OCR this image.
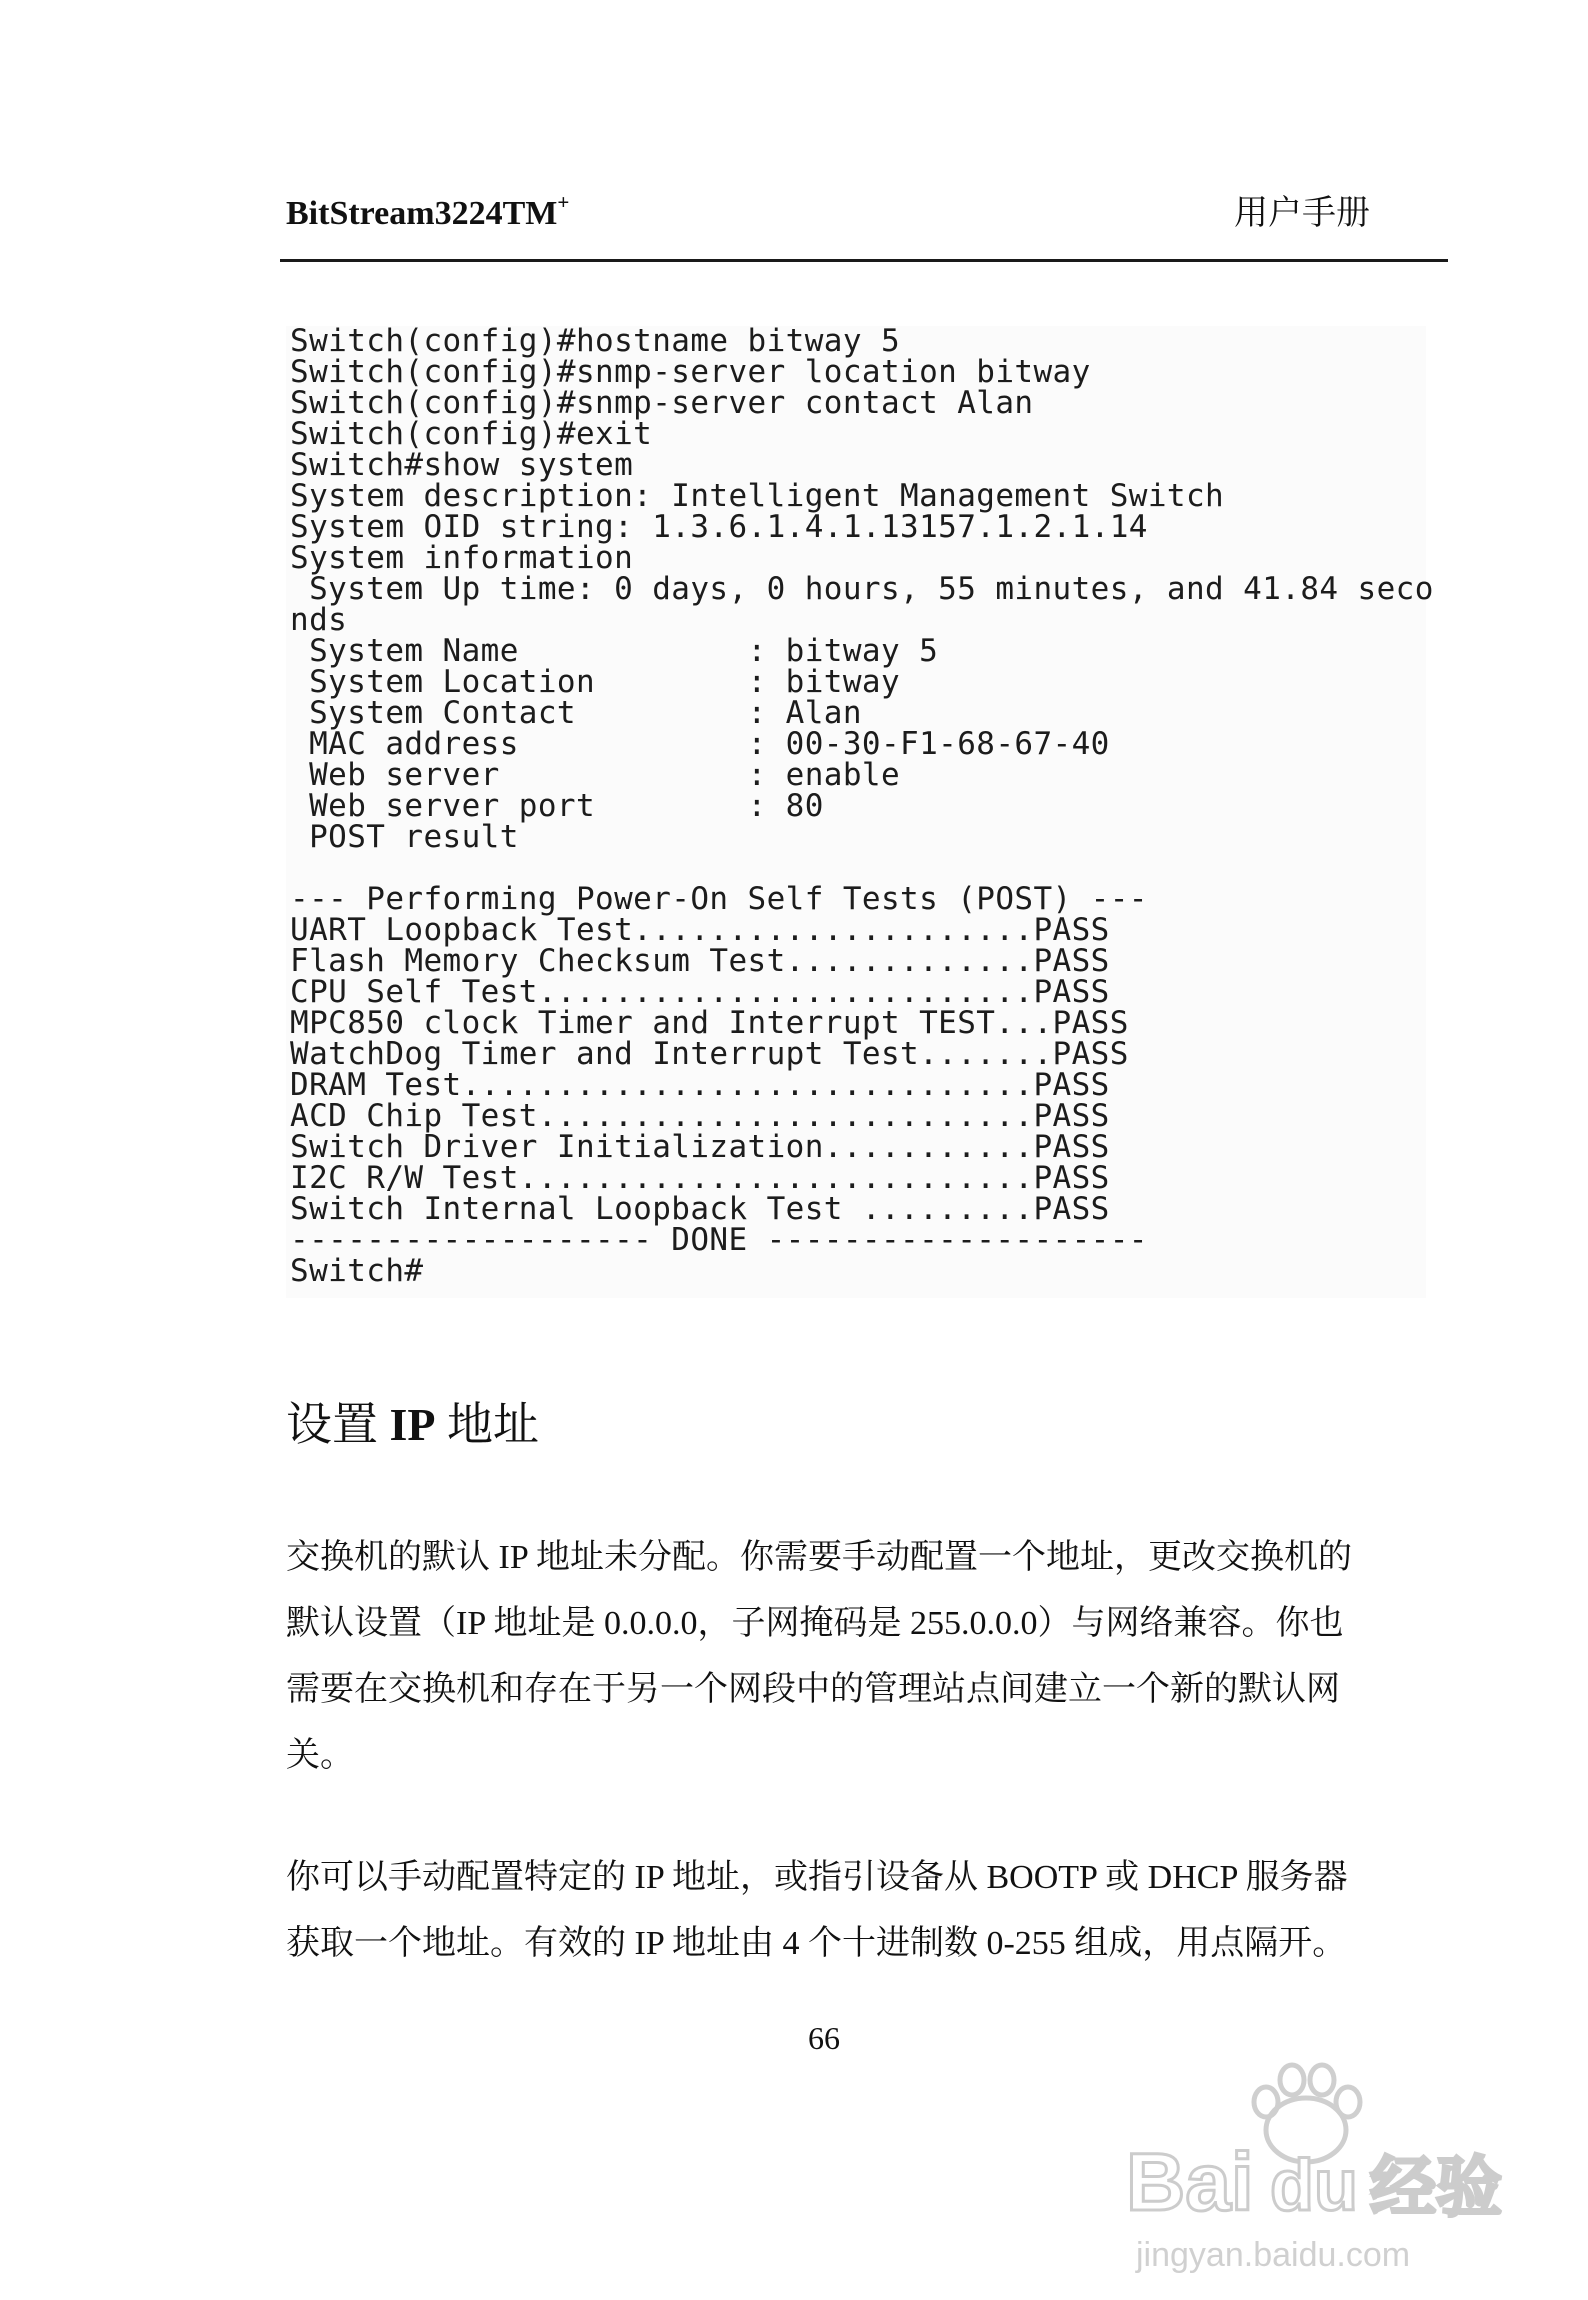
BitStream3224TM+	用户手册
Switch(config)#hostname bitway 5
Switch(config)#snmp-server location bitway
Switch(config)#snmp-server contact Alan
Switch(config)#exit
Switch#show system
System description: Intelligent Management Switch
System OID string: 1.3.6.1.4.1.13157.1.2.1.14
System information
System Up time: 0 days, 0 hours, 55 minutes, and 41.84 seco
nds
System Name            : bitway 5
System Location        : bitway
System Contact         : Alan
MAC address            : 00-30-F1-68-67-40
Web server             : enable
Web server port        : 80
POST result
--- Performing Power-On Self Tests (POST) ---
UART Loopback Test.....................PASS
Flash Memory Checksum Test.............PASS
CPU Self Test..........................PASS
MPC850 clock Timer and Interrupt TEST...PASS
WatchDog Timer and Interrupt Test.......PASS
DRAM Test..............................PASS
ACD Chip Test..........................PASS
Switch Driver Initialization...........PASS
I2C R/W Test...........................PASS
Switch Internal Loopback Test .........PASS
------------------- DONE --------------------
Switch#
设置 IP 地址
交换机的默认 IP 地址未分配。你需要手动配置一个地址，更改交换机的
默认设置（IP 地址是 0.0.0.0，子网掩码是 255.0.0.0）与网络兼容。你也
需要在交换机和存在于另一个网段中的管理站点间建立一个新的默认网
关。
你可以手动配置特定的 IP 地址，或指引设备从 BOOTP 或 DHCP 服务器
获取一个地址。有效的 IP 地址由 4 个十进制数 0-255 组成，用点隔开。
66
Bai du 经验
jingyan.baidu.com
